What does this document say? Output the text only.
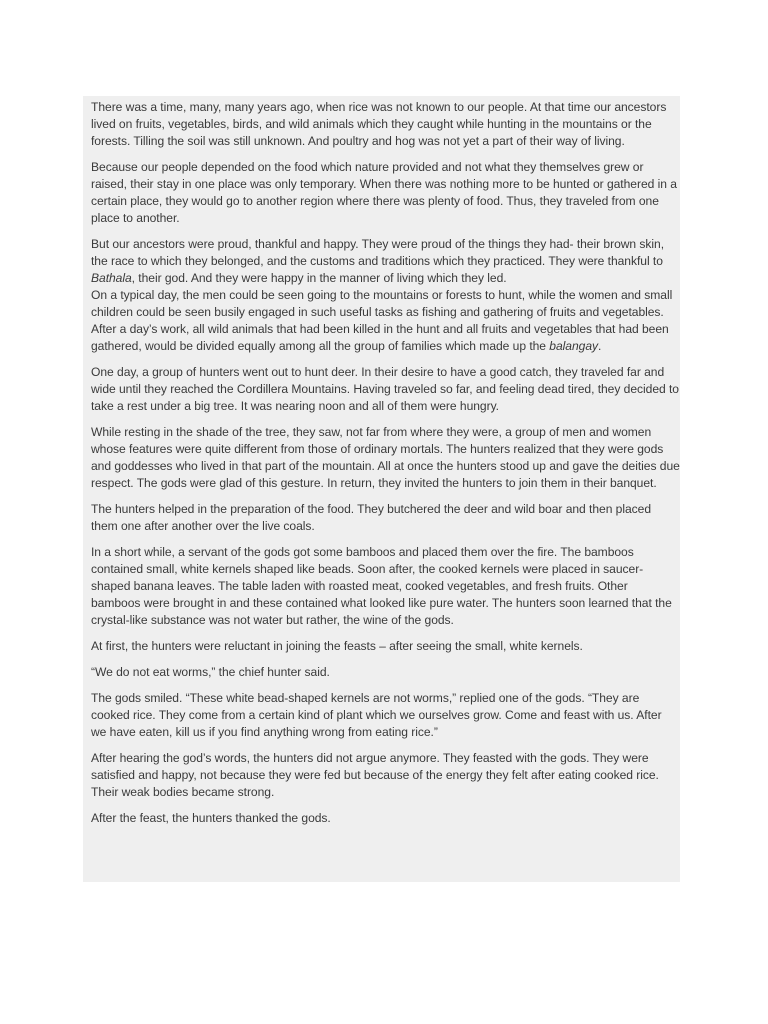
There was a time, many, many years ago, when rice was not known to our people. At that time our ancestors lived on fruits, vegetables, birds, and wild animals which they caught while hunting in the mountains or the forests. Tilling the soil was still unknown. And poultry and hog was not yet a part of their way of living.

Because our people depended on the food which nature provided and not what they themselves grew or raised, their stay in one place was only temporary. When there was nothing more to be hunted or gathered in a certain place, they would go to another region where there was plenty of food. Thus, they traveled from one place to another.

But our ancestors were proud, thankful and happy. They were proud of the things they had- their brown skin, the race to which they belonged, and the customs and traditions which they practiced. They were thankful to Bathala, their god. And they were happy in the manner of living which they led.

On a typical day, the men could be seen going to the mountains or forests to hunt, while the women and small children could be seen busily engaged in such useful tasks as fishing and gathering of fruits and vegetables. After a day’s work, all wild animals that had been killed in the hunt and all fruits and vegetables that had been gathered, would be divided equally among all the group of families which made up the balangay.

One day, a group of hunters went out to hunt deer. In their desire to have a good catch, they traveled far and wide until they reached the Cordillera Mountains. Having traveled so far, and feeling dead tired, they decided to take a rest under a big tree. It was nearing noon and all of them were hungry.

While resting in the shade of the tree, they saw, not far from where they were, a group of men and women whose features were quite different from those of ordinary mortals. The hunters realized that they were gods and goddesses who lived in that part of the mountain. All at once the hunters stood up and gave the deities due respect. The gods were glad of this gesture. In return, they invited the hunters to join them in their banquet.

The hunters helped in the preparation of the food. They butchered the deer and wild boar and then placed them one after another over the live coals.

In a short while, a servant of the gods got some bamboos and placed them over the fire. The bamboos contained small, white kernels shaped like beads. Soon after, the cooked kernels were placed in saucer-shaped banana leaves. The table laden with roasted meat, cooked vegetables, and fresh fruits. Other bamboos were brought in and these contained what looked like pure water. The hunters soon learned that the crystal-like substance was not water but rather, the wine of the gods.

At first, the hunters were reluctant in joining the feasts – after seeing the small, white kernels.

“We do not eat worms,” the chief hunter said.

The gods smiled. “These white bead-shaped kernels are not worms,” replied one of the gods. “They are cooked rice. They come from a certain kind of plant which we ourselves grow. Come and feast with us. After we have eaten, kill us if you find anything wrong from eating rice.”

After hearing the god’s words, the hunters did not argue anymore. They feasted with the gods. They were satisfied and happy, not because they were fed but because of the energy they felt after eating cooked rice. Their weak bodies became strong.

After the feast, the hunters thanked the gods.
